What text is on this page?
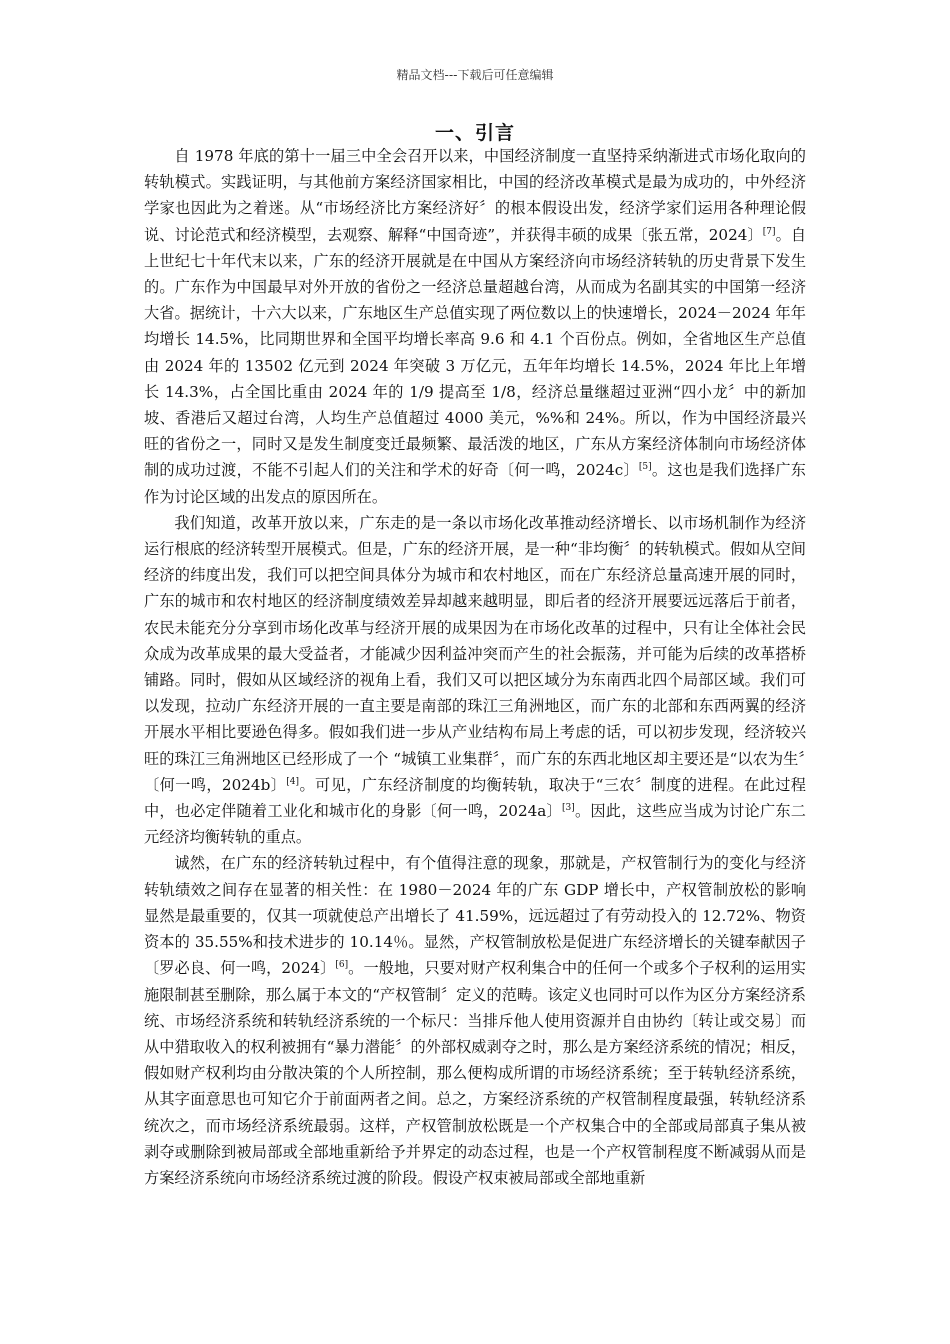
精品文档---下载后可任意编辑
一、引言

自 1978 年底的第十一届三中全会召开以来，中国经济制度一直坚持采纳渐进式市场化取向的转轨模式。实践证明，与其他前方案经济国家相比，中国的经济改革模式是最为成功的，中外经济学家也因此为之着迷。从“市场经济比方案经济好〞的根本假设出发，经济学家们运用各种理论假说、讨论范式和经济模型，去观察、解释“中国奇迹”，并获得丰硕的成果〔张五常，2024〕[7]。自上世纪七十年代末以来，广东的经济开展就是在中国从方案经济向市场经济转轨的历史背景下发生的。广东作为中国最早对外开放的省份之一经济总量超越台湾，从而成为名副其实的中国第一经济大省。据统计，十六大以来，广东地区生产总值实现了两位数以上的快速增长，2024－2024 年年均增长 14.5%，比同期世界和全国平均增长率高 9.6 和 4.1 个百份点。例如，全省地区生产总值由 2024 年的 13502 亿元到 2024 年突破 3 万亿元，五年年均增长 14.5%，2024 年比上年增长 14.3%，占全国比重由 2024 年的 1/9 提高至 1/8，经济总量继超过亚洲“四小龙〞中的新加坡、香港后又超过台湾，人均生产总值超过 4000 美元，%%和 24%。所以，作为中国经济最兴旺的省份之一，同时又是发生制度变迁最频繁、最活泼的地区，广东从方案经济体制向市场经济体制的成功过渡，不能不引起人们的关注和学术的好奇〔何一鸣，2024c〕[5]。这也是我们选择广东作为讨论区域的出发点的原因所在。

我们知道，改革开放以来，广东走的是一条以市场化改革推动经济增长、以市场机制作为经济运行根底的经济转型开展模式。但是，广东的经济开展，是一种“非均衡〞的转轨模式。假如从空间经济的纬度出发，我们可以把空间具体分为城市和农村地区，而在广东经济总量高速开展的同时，广东的城市和农村地区的经济制度绩效差异却越来越明显，即后者的经济开展要远远落后于前者，农民未能充分分享到市场化改革与经济开展的成果因为在市场化改革的过程中，只有让全体社会民众成为改革成果的最大受益者，才能减少因利益冲突而产生的社会振荡，并可能为后续的改革搭桥铺路。同时，假如从区域经济的视角上看，我们又可以把区域分为东南西北四个局部区域。我们可以发现，拉动广东经济开展的一直主要是南部的珠江三角洲地区，而广东的北部和东西两翼的经济开展水平相比要逊色得多。假如我们进一步从产业结构布局上考虑的话，可以初步发现，经济较兴旺的珠江三角洲地区已经形成了一个 “城镇工业集群〞，而广东的东西北地区却主要还是“以农为生〞〔何一鸣，2024b〕[4]。可见，广东经济制度的均衡转轨，取决于“三农〞制度的进程。在此过程中，也必定伴随着工业化和城市化的身影〔何一鸣，2024a〕[3]。因此，这些应当成为讨论广东二元经济均衡转轨的重点。

诚然，在广东的经济转轨过程中，有个值得注意的现象，那就是，产权管制行为的变化与经济转轨绩效之间存在显著的相关性：在 1980－2024 年的广东 GDP 增长中，产权管制放松的影响显然是最重要的，仅其一项就使总产出增长了 41.59%，远远超过了有劳动投入的 12.72%、物资资本的 35.55%和技术进步的 10.14％。显然，产权管制放松是促进广东经济增长的关键奉献因子〔罗必良、何一鸣，2024〕[6]。一般地，只要对财产权利集合中的任何一个或多个子权利的运用实施限制甚至删除，那么属于本文的“产权管制〞定义的范畴。该定义也同时可以作为区分方案经济系统、市场经济系统和转轨经济系统的一个标尺：当排斥他人使用资源并自由协约〔转让或交易〕而从中猎取收入的权利被拥有“暴力潜能〞的外部权威剥夺之时，那么是方案经济系统的情况；相反，假如财产权利均由分散决策的个人所控制，那么便构成所谓的市场经济系统；至于转轨经济系统，从其字面意思也可知它介于前面两者之间。总之，方案经济系统的产权管制程度最强，转轨经济系统次之，而市场经济系统最弱。这样，产权管制放松既是一个产权集合中的全部或局部真子集从被剥夺或删除到被局部或全部地重新给予并界定的动态过程，也是一个产权管制程度不断减弱从而是方案经济系统向市场经济系统过渡的阶段。假设产权束被局部或全部地重新
